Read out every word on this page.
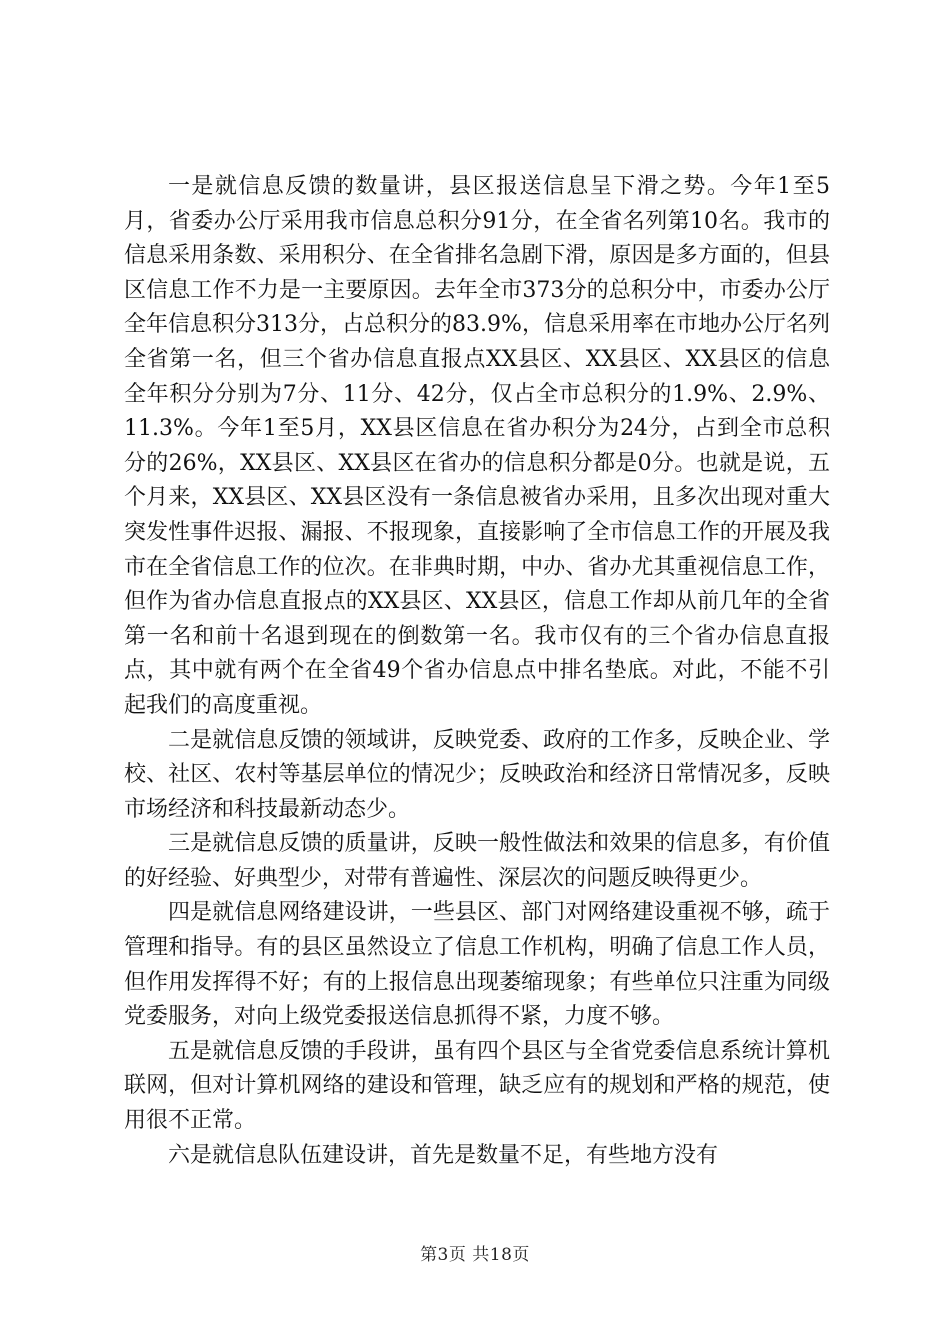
一是就信息反馈的数量讲，县区报送信息呈下滑之势。今年1至5月，省委办公厅采用我市信息总积分91分，在全省名列第10名。我市的信息采用条数、采用积分、在全省排名急剧下滑，原因是多方面的，但县区信息工作不力是一主要原因。去年全市373分的总积分中，市委办公厅全年信息积分313分，占总积分的83.9%，信息采用率在市地办公厅名列全省第一名，但三个省办信息直报点XX县区、XX县区、XX县区的信息全年积分分别为7分、11分、42分，仅占全市总积分的1.9%、2.9%、11.3%。今年1至5月，XX县区信息在省办积分为24分，占到全市总积分的26%，XX县区、XX县区在省办的信息积分都是0分。也就是说，五个月来，XX县区、XX县区没有一条信息被省办采用，且多次出现对重大突发性事件迟报、漏报、不报现象，直接影响了全市信息工作的开展及我市在全省信息工作的位次。在非典时期，中办、省办尤其重视信息工作，但作为省办信息直报点的XX县区、XX县区，信息工作却从前几年的全省第一名和前十名退到现在的倒数第一名。我市仅有的三个省办信息直报点，其中就有两个在全省49个省办信息点中排名垫底。对此，不能不引起我们的高度重视。

二是就信息反馈的领域讲，反映党委、政府的工作多，反映企业、学校、社区、农村等基层单位的情况少；反映政治和经济日常情况多，反映市场经济和科技最新动态少。

三是就信息反馈的质量讲，反映一般性做法和效果的信息多，有价值的好经验、好典型少，对带有普遍性、深层次的问题反映得更少。

四是就信息网络建设讲，一些县区、部门对网络建设重视不够，疏于管理和指导。有的县区虽然设立了信息工作机构，明确了信息工作人员，但作用发挥得不好；有的上报信息出现萎缩现象；有些单位只注重为同级党委服务，对向上级党委报送信息抓得不紧，力度不够。

五是就信息反馈的手段讲，虽有四个县区与全省党委信息系统计算机联网，但对计算机网络的建设和管理，缺乏应有的规划和严格的规范，使用很不正常。

六是就信息队伍建设讲，首先是数量不足，有些地方没有

第3页 共18页
